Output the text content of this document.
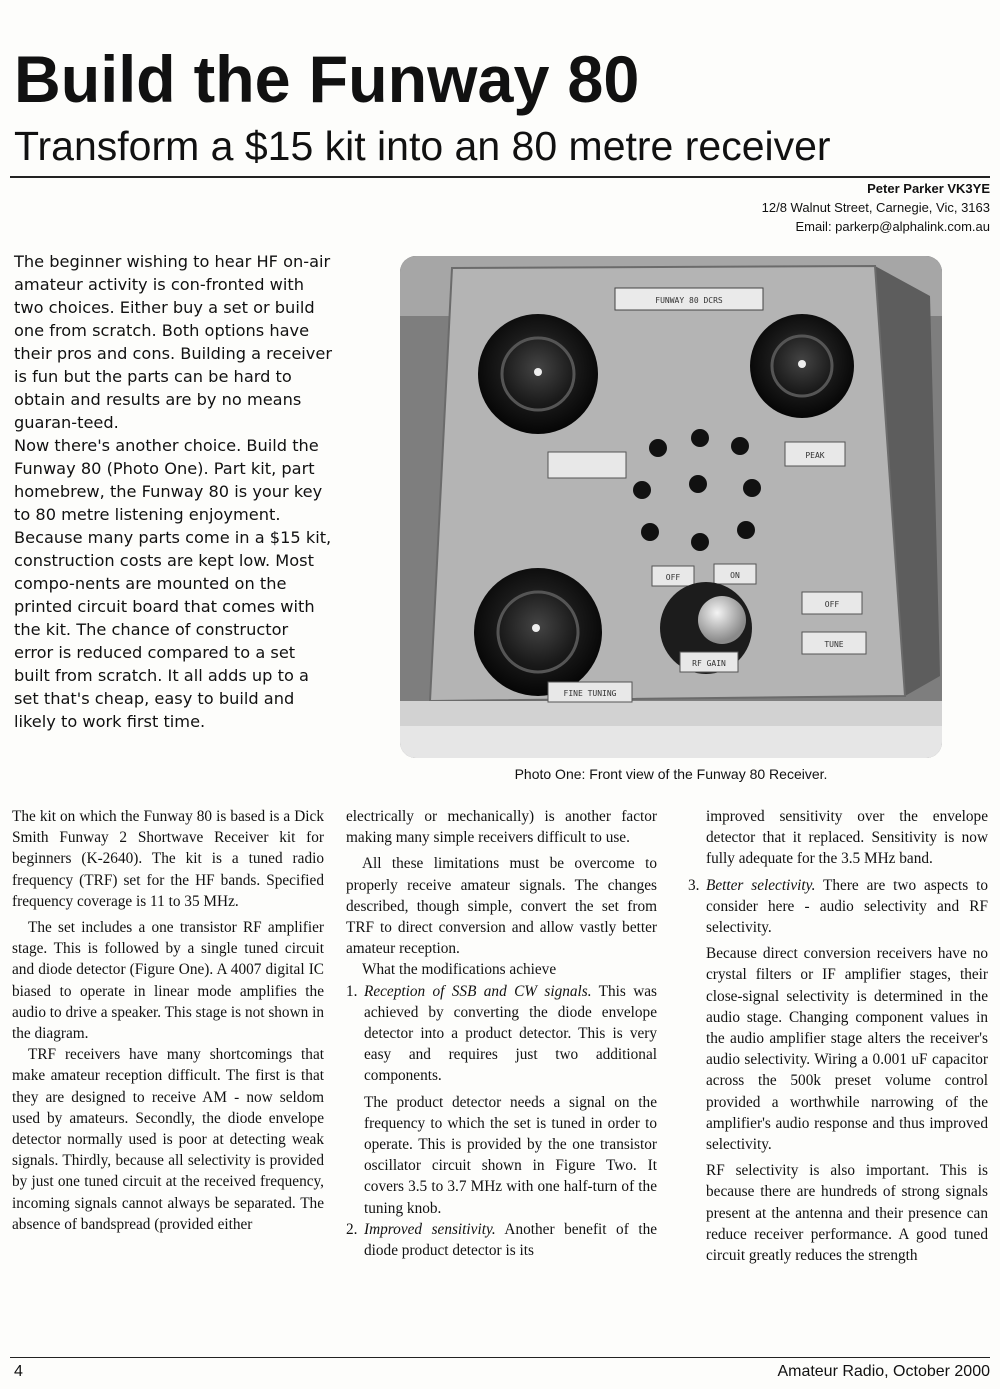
Build the Funway 80
Transform a $15 kit into an 80 metre receiver
Peter Parker VK3YE
12/8 Walnut Street, Carnegie, Vic, 3163
Email: parkerp@alphalink.com.au

The beginner wishing to hear HF on-air amateur activity is con-fronted with two choices. Either buy a set or build one from scratch. Both options have their pros and cons. Building a receiver is fun but the parts can be hard to obtain and results are by no means guaran-teed.

Now there's another choice. Build the Funway 80 (Photo One). Part kit, part homebrew, the Funway 80 is your key to 80 metre listening enjoyment. Because many parts come in a $15 kit, construction costs are kept low. Most compo-nents are mounted on the printed circuit board that comes with the kit. The chance of constructor error is reduced compared to a set built from scratch. It all adds up to a set that's cheap, easy to build and likely to work first time.

FUNWAY 80 DCRS
PEAK
OFF	ON
RF GAIN
OFF
TUNE
FINE TUNING
Photo One: Front view of the Funway 80 Receiver.

The kit on which the Funway 80 is based is a Dick Smith Funway 2 Shortwave Receiver kit for beginners (K-2640). The kit is a tuned radio frequency (TRF) set for the HF bands. Specified frequency coverage is 11 to 35 MHz.

The set includes a one transistor RF amplifier stage. This is followed by a single tuned circuit and diode detector (Figure One). A 4007 digital IC biased to operate in linear mode amplifies the audio to drive a speaker. This stage is not shown in the diagram.

TRF receivers have many shortcomings that make amateur reception difficult. The first is that they are designed to receive AM - now seldom used by amateurs. Secondly, the diode envelope detector normally used is poor at detecting weak signals. Thirdly, because all selectivity is provided by just one tuned circuit at the received frequency, incoming signals cannot always be separated. The absence of bandspread (provided either

electrically or mechanically) is another factor making many simple receivers difficult to use.

All these limitations must be overcome to properly receive amateur signals. The changes described, though simple, convert the set from TRF to direct conversion and allow vastly better amateur reception.

What the modifications achieve

1. Reception of SSB and CW signals. This was achieved by converting the diode envelope detector into a product detector. This is very easy and requires just two additional components.

The product detector needs a signal on the frequency to which the set is tuned in order to operate. This is provided by the one transistor oscillator circuit shown in Figure Two. It covers 3.5 to 3.7 MHz with one half-turn of the tuning knob.

2. Improved sensitivity. Another benefit of the diode product detector is its

improved sensitivity over the envelope detector that it replaced. Sensitivity is now fully adequate for the 3.5 MHz band.

3. Better selectivity. There are two aspects to consider here - audio selectivity and RF selectivity.

Because direct conversion receivers have no crystal filters or IF amplifier stages, their close-signal selectivity is determined in the audio stage. Changing component values in the audio amplifier stage alters the receiver's audio selectivity. Wiring a 0.001 uF capacitor across the 500k preset volume control provided a worthwhile narrowing of the amplifier's audio response and thus improved selectivity.

RF selectivity is also important. This is because there are hundreds of strong signals present at the antenna and their presence can reduce receiver performance. A good tuned circuit greatly reduces the strength

4	Amateur Radio, October 2000
